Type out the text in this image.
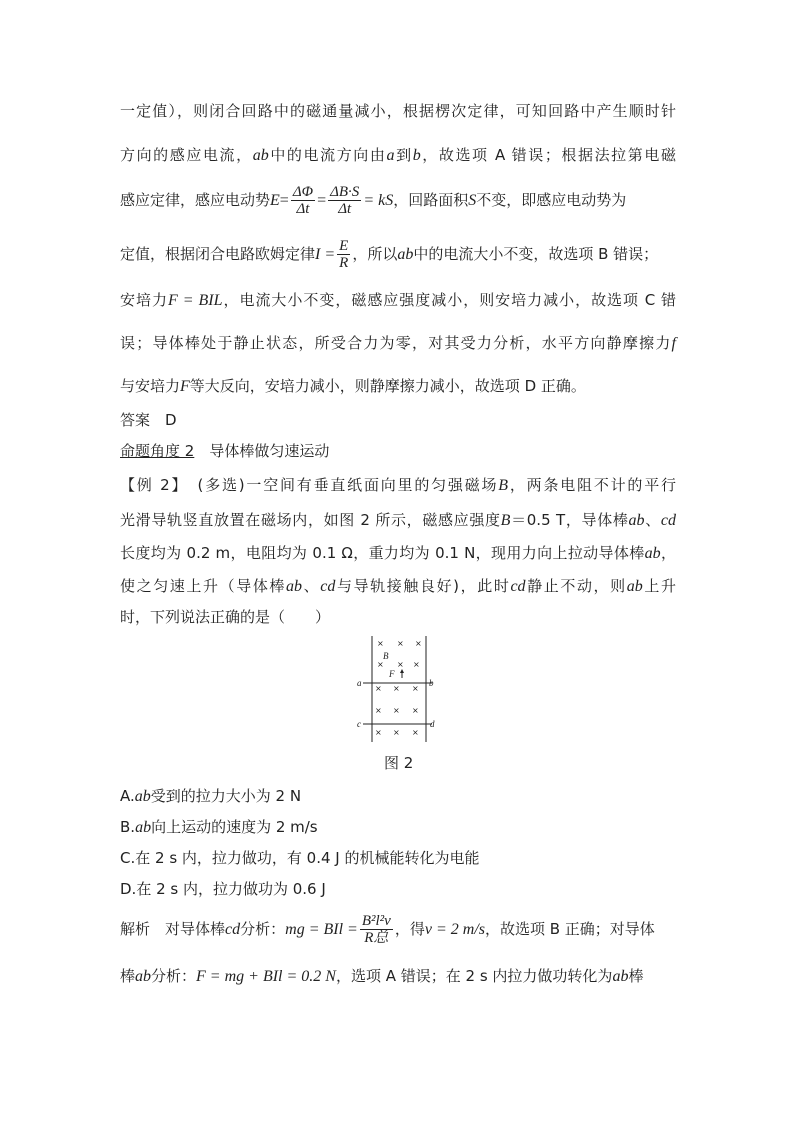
一定值），则闭合回路中的磁通量减小，根据楞次定律，可知回路中产生顺时针
方向的感应电流，ab中的电流方向由a到b，故选项 A 错误；根据法拉第电磁
感应定律，感应电动势$E= \frac{\Delta\Phi}{\Delta t} = \frac{\Delta B\cdot S}{\Delta t}$ = kS，回路面积S不变，即感应电动势为
定值，根据闭合电路欧姆定律$I = \frac{E}{R}$ ，所以ab中的电流大小不变，故选项 B 错误；
安培力F = BIL，电流大小不变，磁感应强度减小，则安培力减小，故选项 C 错
误；导体棒处于静止状态，所受合力为零，对其受力分析，水平方向静摩擦力f
与安培力F等大反向，安培力减小，则静摩擦力减小，故选项 D 正确。
答案　D
命题角度 2　导体棒做匀速运动
【例 2】　(多选)一空间有垂直纸面向里的匀强磁场B，两条电阻不计的平行
光滑导轨竖直放置在磁场内，如图 2 所示，磁感应强度B＝0.5 T，导体棒ab、cd
长度均为 0.2 m，电阻均为 0.1 Ω，重力均为 0.1 N，现用力向上拉动导体棒ab，
使之匀速上升（导体棒ab、cd与导轨接触良好)，此时cd静止不动，则ab上升
时，下列说法正确的是（　　）
B
F
a	b
c	d
× × ×
× × ×
× × ×
× × ×
× × ×
图 2
A.ab受到的拉力大小为 2 N
B.ab向上运动的速度为 2 m/s
C.在 2 s 内，拉力做功，有 0.4 J 的机械能转化为电能
D.在 2 s 内，拉力做功为 0.6 J
解析　对导体棒cd分析：mg = BIl = $\frac{\text{B²l²v}}{\text{R总}}$ ，得v = 2 m/s，故选项 B 正确；对导体
棒ab分析：F = mg + BIl = 0.2 N，选项 A 错误；在 2 s 内拉力做功转化为ab棒
